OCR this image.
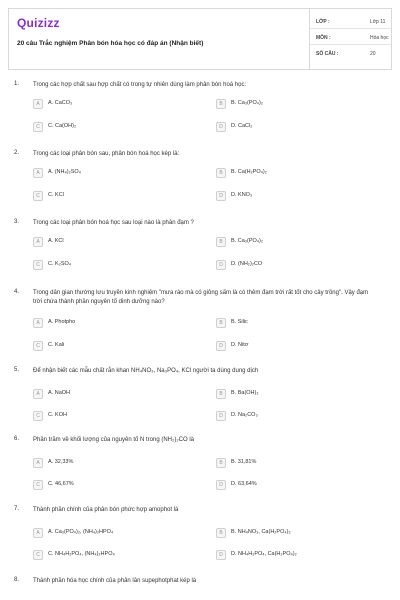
Quizizz
20 câu Trắc nghiệm Phân bón hóa học có đáp án (Nhận biết)
LỚP :	Lớp 11
MÔN :	Hóa học
SỐ CÂU :	20
1. Trong các hợp chất sau hợp chất có trong tự nhiên dùng làm phân bón hoá học:
A	A. CaCO₃	B	B. Ca₃(PO₄)₂
C	C. Ca(OH)₂	D	D. CaCl₂
2. Trong các loại phân bón sau, phân bón hoá học kép là:
A	A. (NH₄)₂SO₄	B	B. Ca(H₂PO₄)₂
C	C. KCl	D	D. KNO₃
3. Trong các loại phân bón hoá học sau loại nào là phân đạm ?
A	A. KCl	B	B. Ca₃(PO₄)₂
C	C. K₂SO₄	D	D. (NH₂)₂CO
4. Trong dân gian thường lưu truyền kinh nghiệm "mưa rào mà có giông sấm là có thêm đạm trời rất tốt cho cây trồng". Vậy đạm trời chứa thành phần nguyên tố dinh dưỡng nào?
A	A. Photpho	B	B. Silic
C	C. Kali	D	D. Nitơ
5. Để nhận biết các mẫu chất rắn khan NH₄NO₃, Na₃PO₄, KCl người ta dùng dung dịch
A	A. NaOH	B	B. Ba(OH)₂
C	C. KOH	D	D. Na₂CO₃
6. Phần trăm về khối lượng của nguyên tố N trong (NH₂)₂CO là
A	A. 32,33%	B	B. 31,81%
C	C. 46,67%	D	D. 63,64%
7. Thành phần chính của phân bón phức hợp amophot là
A	A. Ca₃(PO₄)₂, (NH₄)₂HPO₄	B	B. NH₄NO₃, Ca(H₂PO₄)₂
C	C. NH₄H₂PO₄, (NH₄)₂HPO₄	D	D. NH₄H₂PO₄, Ca(H₂PO₄)₂
8. Thành phần hóa học chính của phân lân supephotphat kép là
